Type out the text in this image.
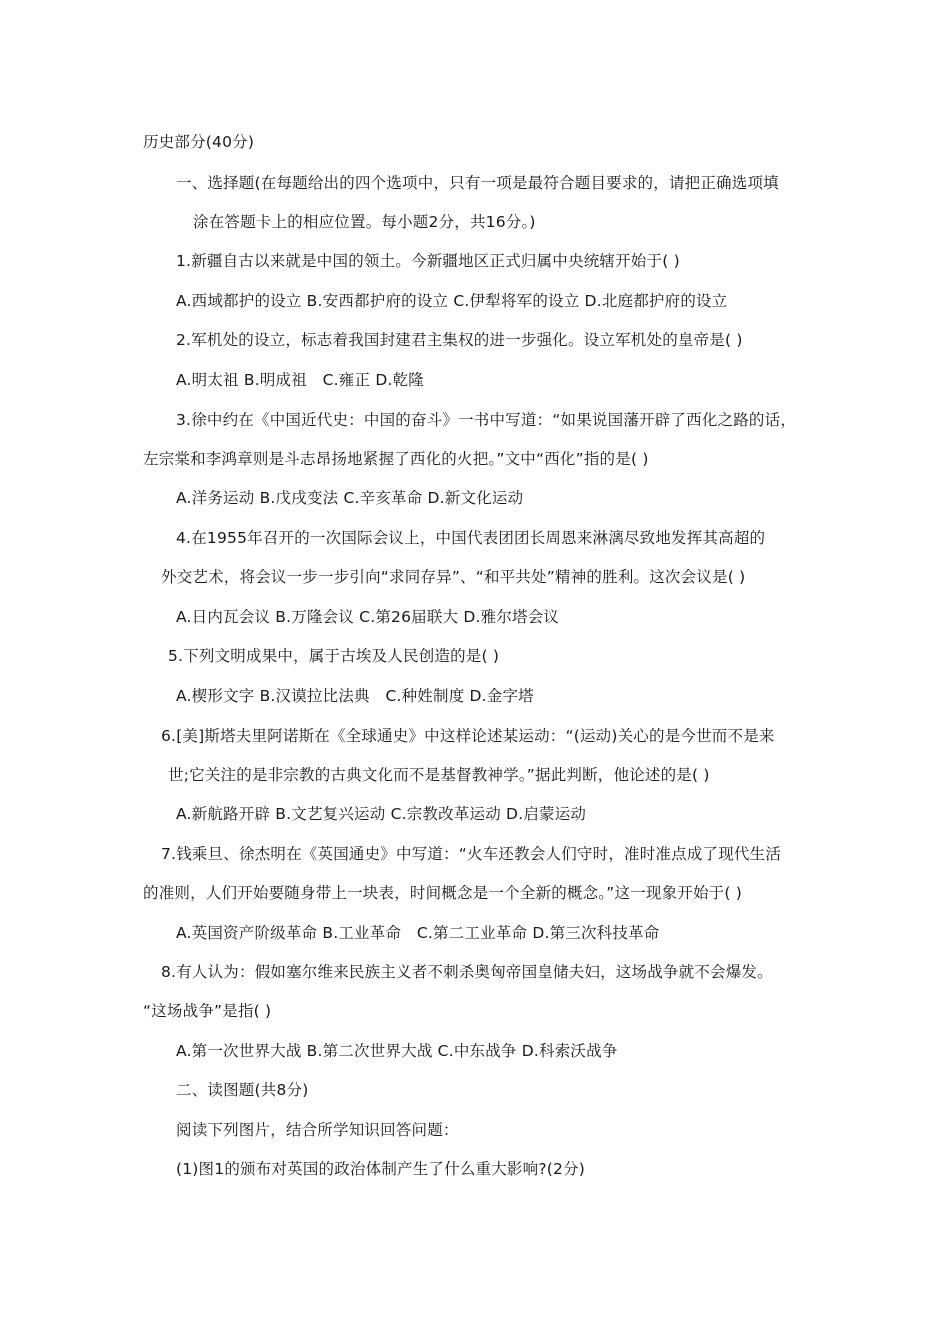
历史部分(40分)
一、选择题(在每题给出的四个选项中，只有一项是最符合题目要求的，请把正确选项填
涂在答题卡上的相应位置。每小题2分，共16分。)
1.新疆自古以来就是中国的领土。今新疆地区正式归属中央统辖开始于( )
A.西域都护的设立 B.安西都护府的设立 C.伊犁将军的设立 D.北庭都护府的设立
2.军机处的设立，标志着我国封建君主集权的进一步强化。设立军机处的皇帝是( )
A.明太祖 B.明成祖　C.雍正 D.乾隆
3.徐中约在《中国近代史：中国的奋斗》一书中写道：“如果说国藩开辟了西化之路的话，
左宗棠和李鸿章则是斗志昂扬地紧握了西化的火把。”文中“西化”指的是( )
A.洋务运动 B.戊戌变法 C.辛亥革命 D.新文化运动
4.在1955年召开的一次国际会议上，中国代表团团长周恩来淋漓尽致地发挥其高超的
外交艺术，将会议一步一步引向“求同存异”、“和平共处”精神的胜利。这次会议是( )
A.日内瓦会议 B.万隆会议 C.第26届联大 D.雅尔塔会议
5.下列文明成果中，属于古埃及人民创造的是( )
A.楔形文字 B.汉谟拉比法典　C.种姓制度 D.金字塔
6.[美]斯塔夫里阿诺斯在《全球通史》中这样论述某运动：“(运动)关心的是今世而不是来
世;它关注的是非宗教的古典文化而不是基督教神学。”据此判断，他论述的是( )
A.新航路开辟 B.文艺复兴运动 C.宗教改革运动 D.启蒙运动
7.钱乘旦、徐杰明在《英国通史》中写道：“火车还教会人们守时，准时准点成了现代生活
的准则，人们开始要随身带上一块表，时间概念是一个全新的概念。”这一现象开始于( )
A.英国资产阶级革命 B.工业革命　C.第二工业革命 D.第三次科技革命
8.有人认为：假如塞尔维来民族主义者不刺杀奥匈帝国皇储夫妇，这场战争就不会爆发。
“这场战争”是指( )
A.第一次世界大战 B.第二次世界大战 C.中东战争 D.科索沃战争
二、读图题(共8分)
阅读下列图片，结合所学知识回答问题：
(1)图1的颁布对英国的政治体制产生了什么重大影响?(2分)
